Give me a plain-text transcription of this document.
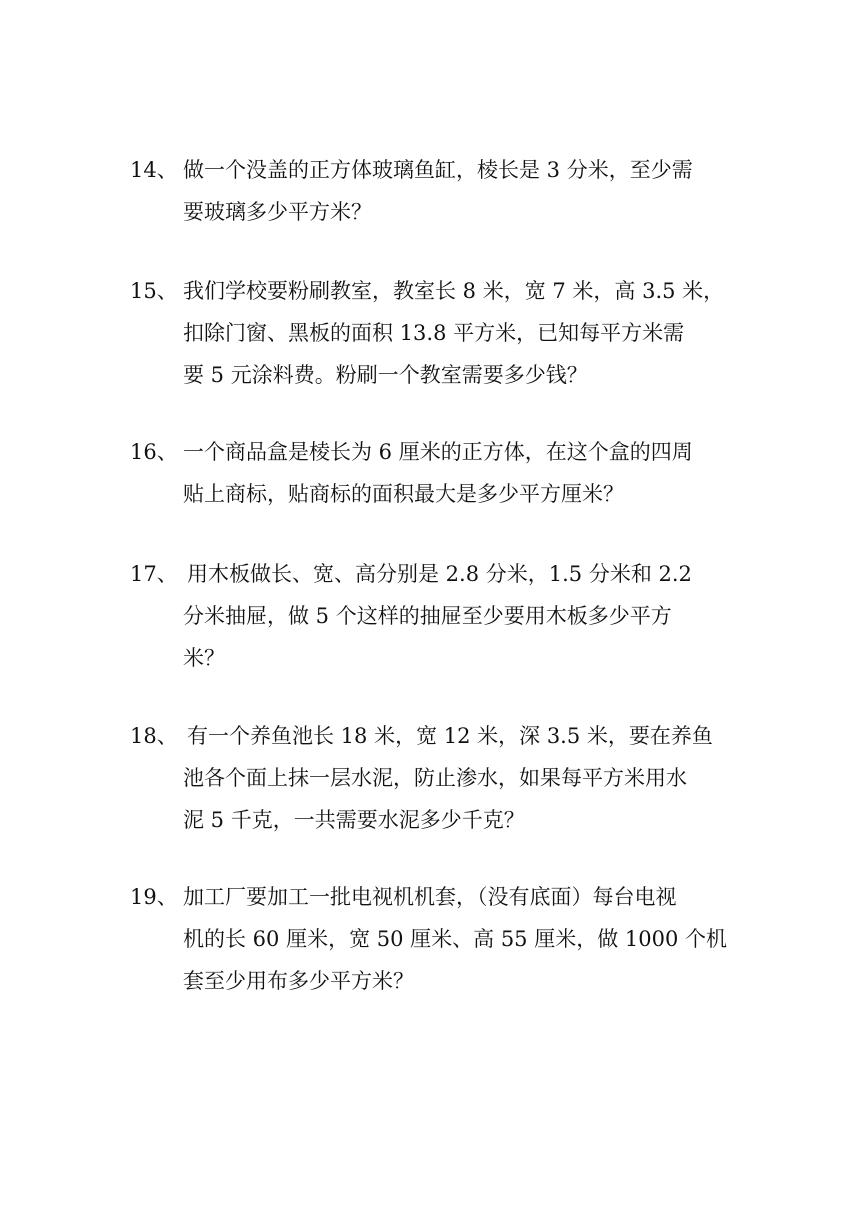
14、 做一个没盖的正方体玻璃鱼缸，棱长是 3 分米，至少需
要玻璃多少平方米？
15、 我们学校要粉刷教室，教室长 8 米，宽 7 米，高 3.5 米，
扣除门窗、黑板的面积 13.8 平方米，已知每平方米需
要 5 元涂料费。粉刷一个教室需要多少钱？
16、 一个商品盒是棱长为 6 厘米的正方体，在这个盒的四周
贴上商标，贴商标的面积最大是多少平方厘米？
17、 用木板做长、宽、高分别是 2.8 分米，1.5 分米和 2.2
分米抽屉，做 5 个这样的抽屉至少要用木板多少平方
米？
18、 有一个养鱼池长 18 米，宽 12 米，深 3.5 米，要在养鱼
池各个面上抹一层水泥，防止渗水，如果每平方米用水
泥 5 千克，一共需要水泥多少千克？
19、 加工厂要加工一批电视机机套，（没有底面）每台电视
机的长 60 厘米，宽 50 厘米、高 55 厘米，做 1000 个机
套至少用布多少平方米？
